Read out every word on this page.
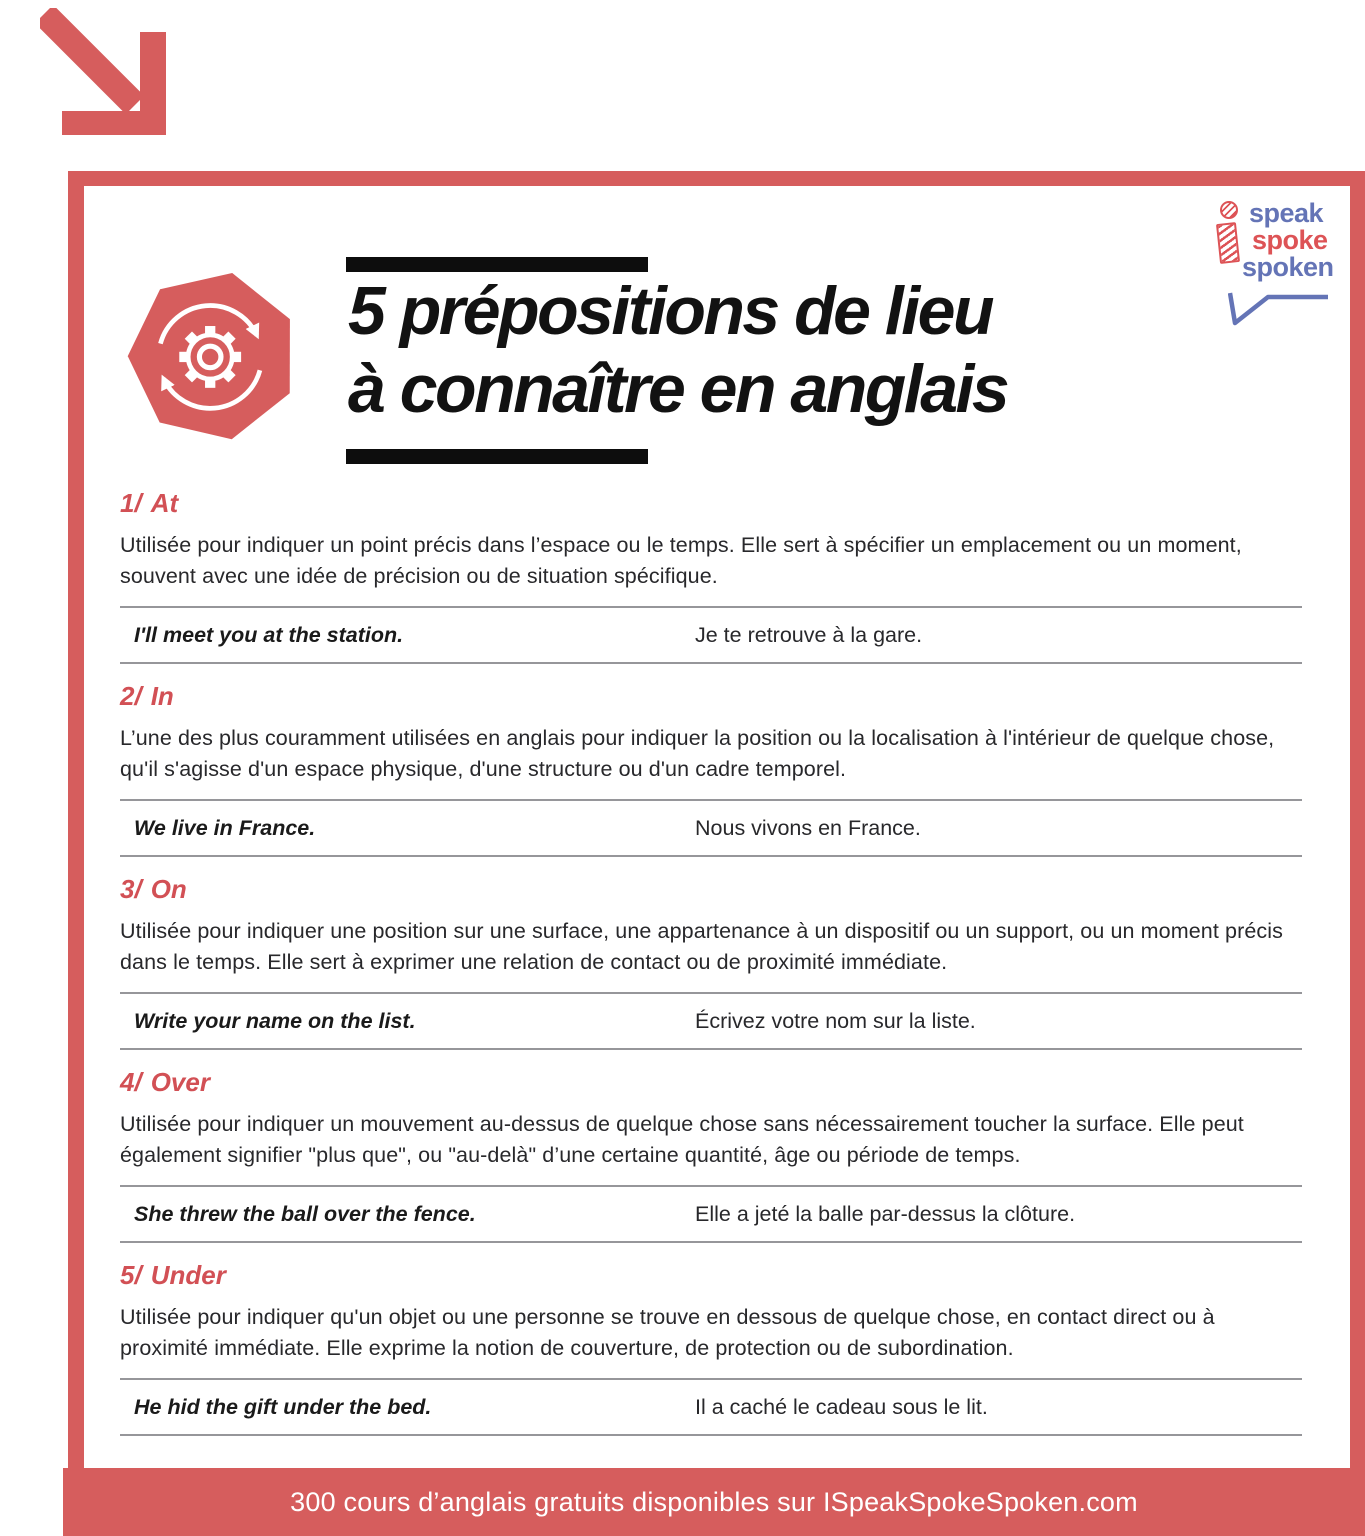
speak
spoke
spoken
5 prépositions de lieu
à connaître en anglais
1/ At

Utilisée pour indiquer un point précis dans l’espace ou le temps. Elle sert à spécifier un emplacement ou un moment, souvent avec une idée de précision ou de situation spécifique.

I'll meet you at the station.	Je te retrouve à la gare.
2/ In

L’une des plus couramment utilisées en anglais pour indiquer la position ou la localisation à l'intérieur de quelque chose, qu'il s'agisse d'un espace physique, d'une structure ou d'un cadre temporel.

We live in France.	Nous vivons en France.
3/ On

Utilisée pour indiquer une position sur une surface, une appartenance à un dispositif ou un support, ou un moment précis dans le temps. Elle sert à exprimer une relation de contact ou de proximité immédiate.

Write your name on the list.	Écrivez votre nom sur la liste.
4/ Over

Utilisée pour indiquer un mouvement au-dessus de quelque chose sans nécessairement toucher la surface. Elle peut également signifier "plus que", ou "au-delà" d’une certaine quantité, âge ou période de temps.

She threw the ball over the fence.	Elle a jeté la balle par-dessus la clôture.
5/ Under

Utilisée pour indiquer qu'un objet ou une personne se trouve en dessous de quelque chose, en contact direct ou à proximité immédiate. Elle exprime la notion de couverture, de protection ou de subordination.

He hid the gift under the bed.	Il a caché le cadeau sous le lit.
300 cours d’anglais gratuits disponibles sur ISpeakSpokeSpoken.com
